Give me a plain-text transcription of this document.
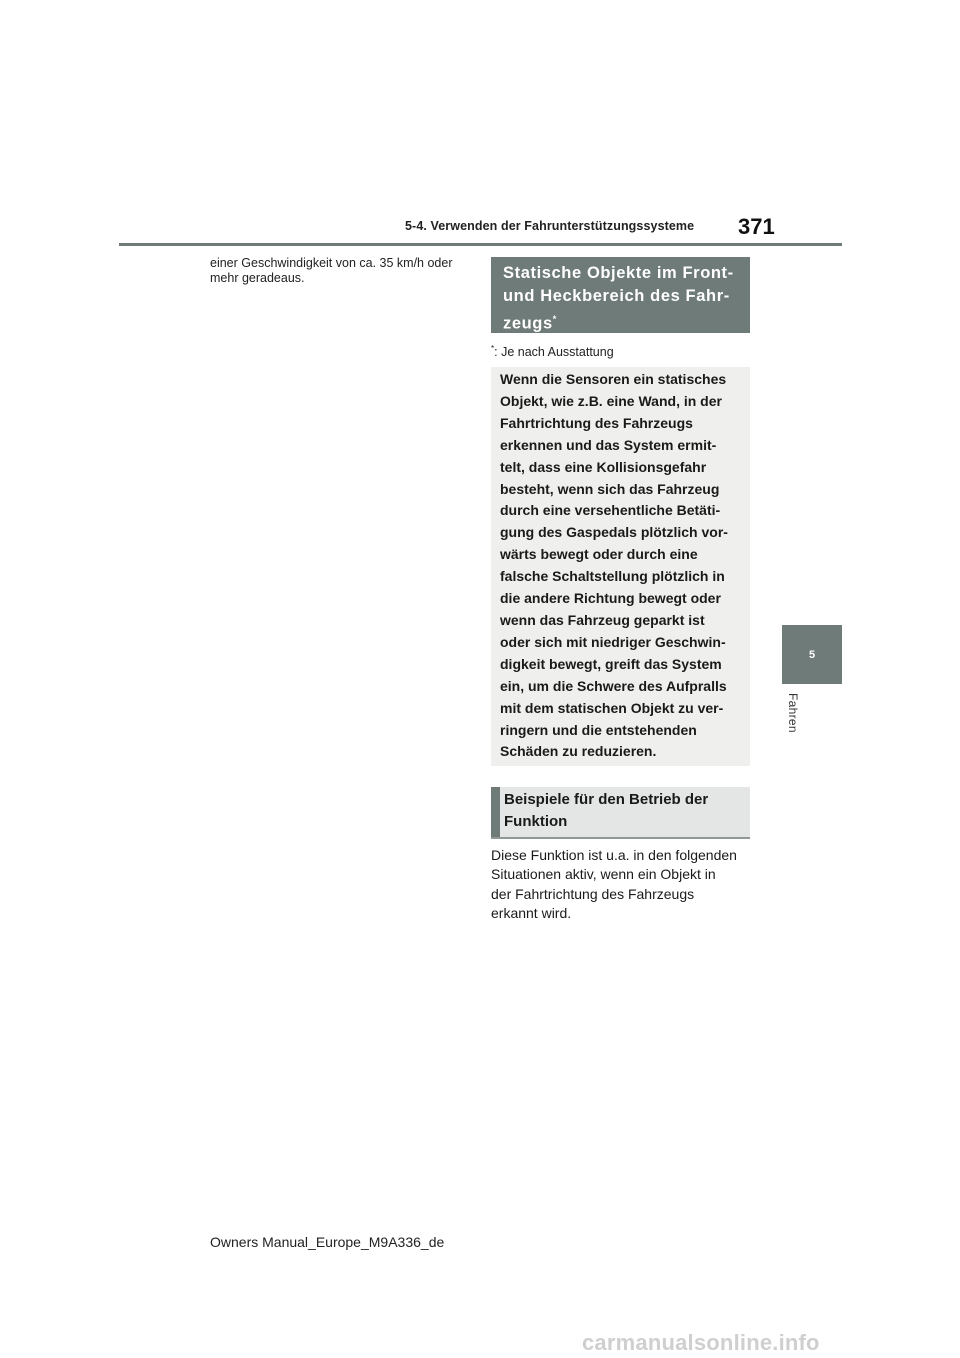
5-4. Verwenden der Fahrunterstützungssysteme 371
einer Geschwindigkeit von ca. 35 km/h oder
mehr geradeaus.	Statische Objekte im Front-
und Heckbereich des Fahr-
zeugs*
*: Je nach Ausstattung
Wenn die Sensoren ein statisches
Objekt, wie z.B. eine Wand, in der
Fahrtrichtung des Fahrzeugs
erkennen und das System ermit-
telt, dass eine Kollisionsgefahr
besteht, wenn sich das Fahrzeug
durch eine versehentliche Betäti-
gung des Gaspedals plötzlich vor-
wärts bewegt oder durch eine
falsche Schaltstellung plötzlich in
die andere Richtung bewegt oder
wenn das Fahrzeug geparkt ist
oder sich mit niedriger Geschwin-
digkeit bewegt, greift das System
ein, um die Schwere des Aufpralls
mit dem statischen Objekt zu ver-
ringern und die entstehenden
Schäden zu reduzieren.
Beispiele für den Betrieb der
Funktion
Diese Funktion ist u.a. in den folgenden
Situationen aktiv, wenn ein Objekt in
der Fahrtrichtung des Fahrzeugs
erkannt wird.
5
Fahren
Owners Manual_Europe_M9A336_de
carmanualsonline.info
